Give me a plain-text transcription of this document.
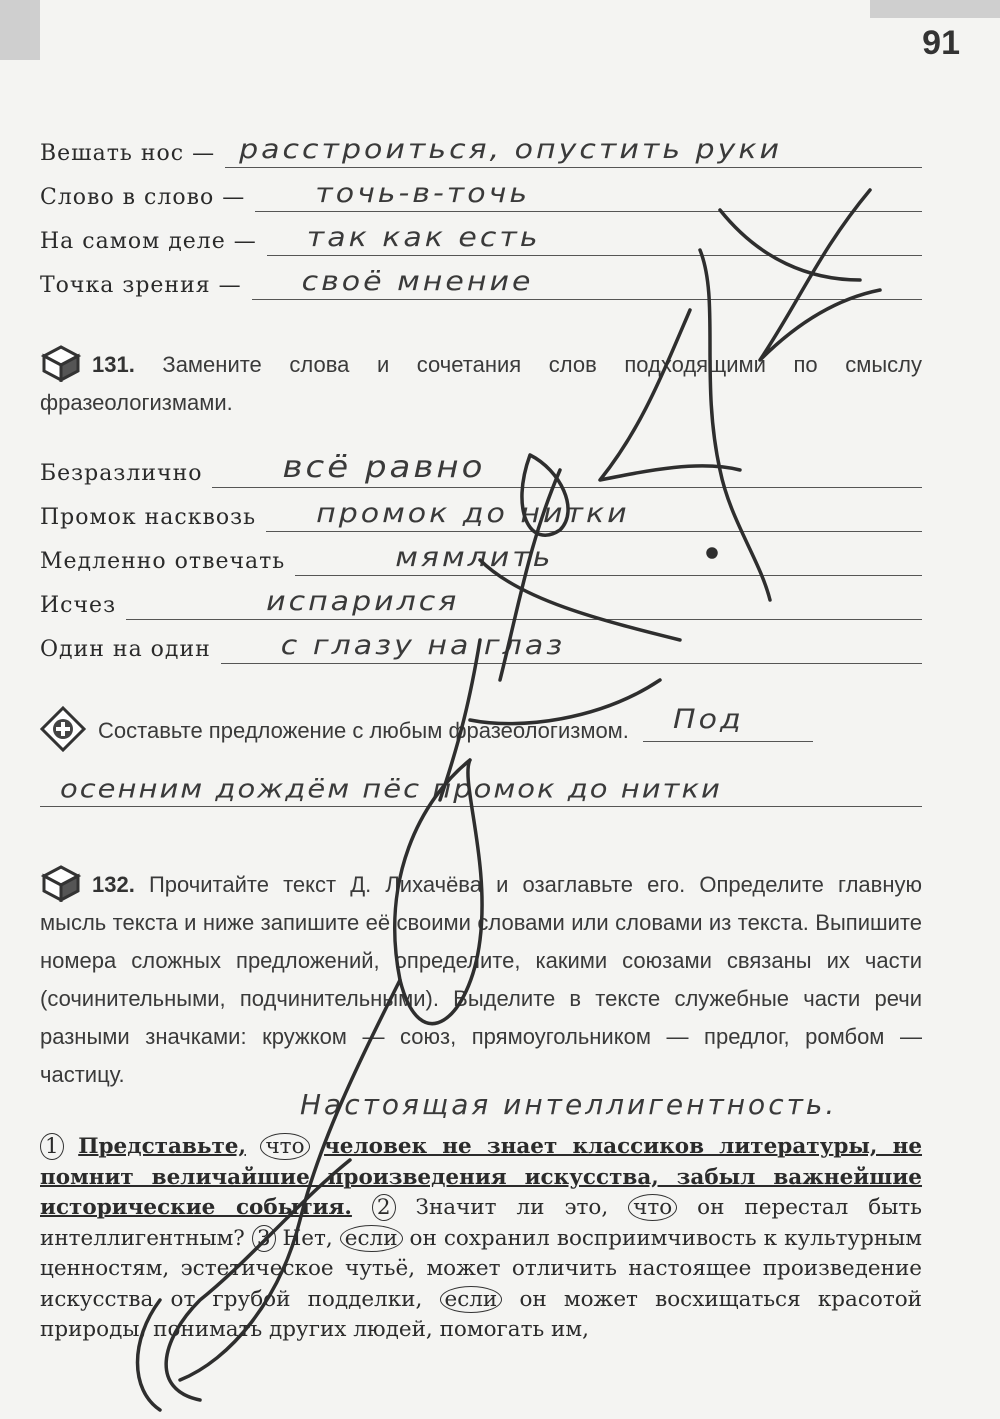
91
Вешать нос — расстроиться, опустить руки
Слово в слово — точь-в-точь
На самом деле — так как есть
Точка зрения — своё мнение
131. Замените слова и сочетания слов подходящими по смыслу фразеологизмами.
Безразлично всё равно
Промок насквозь промок до нитки
Медленно отвечать	мямлить
Исчез	испарился
Один на один с глазу на глаз
Составьте предложение с любым фразеологизмом. Под
осенним дождём пёс промок до нитки
132. Прочитайте текст Д. Лихачёва и озаглавьте его. Определите главную мысль текста и ниже запишите её своими словами или словами из текста. Выпишите номера сложных предложений, определите, какими союзами связаны их части (сочинительными, подчинительными). Выделите в тексте служебные части речи разными значками: кружком — союз, прямоугольником — предлог, ромбом — частицу.
Настоящая интеллигентность.
1 Представьте, что человек не знает классиков литературы, не помнит величайшие произведения искусства, забыл важнейшие исторические события. 2 Значит ли это, что он перестал быть интеллигентным? 3 Нет, если он сохранил восприимчивость к культурным ценностям, эстетическое чутьё, может отличить настоящее произведение искусства от грубой подделки, если он может восхищаться красотой природы, понимать других людей, помогать им,
